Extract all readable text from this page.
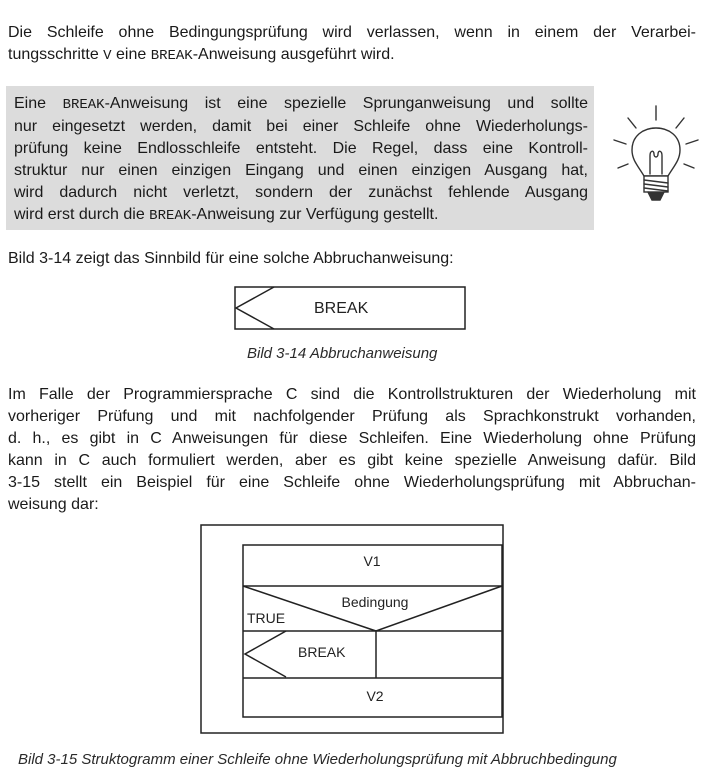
Die Schleife ohne Bedingungsprüfung wird verlassen, wenn in einem der Verarbei-
tungsschritte V eine BREAK-Anweisung ausgeführt wird.
Eine BREAK-Anweisung ist eine spezielle Sprunganweisung und sollte
nur eingesetzt werden, damit bei einer Schleife ohne Wiederholungs-
prüfung keine Endlosschleife entsteht. Die Regel, dass eine Kontroll-
struktur nur einen einzigen Eingang und einen einzigen Ausgang hat,
wird dadurch nicht verletzt, sondern der zunächst fehlende Ausgang
wird erst durch die BREAK-Anweisung zur Verfügung gestellt.
Bild 3-14 zeigt das Sinnbild für eine solche Abbruchanweisung:
BREAK
Bild 3-14 Abbruchanweisung
Im Falle der Programmiersprache C sind die Kontrollstrukturen der Wiederholung mit
vorheriger Prüfung und mit nachfolgender Prüfung als Sprachkonstrukt vorhanden,
d. h., es gibt in C Anweisungen für diese Schleifen. Eine Wiederholung ohne Prüfung
kann in C auch formuliert werden, aber es gibt keine spezielle Anweisung dafür. Bild
3-15 stellt ein Beispiel für eine Schleife ohne Wiederholungsprüfung mit Abbruchan-
weisung dar:
V1
Bedingung
TRUE
BREAK
V2
Bild 3-15 Struktogramm einer Schleife ohne Wiederholungsprüfung mit Abbruchbedingung
